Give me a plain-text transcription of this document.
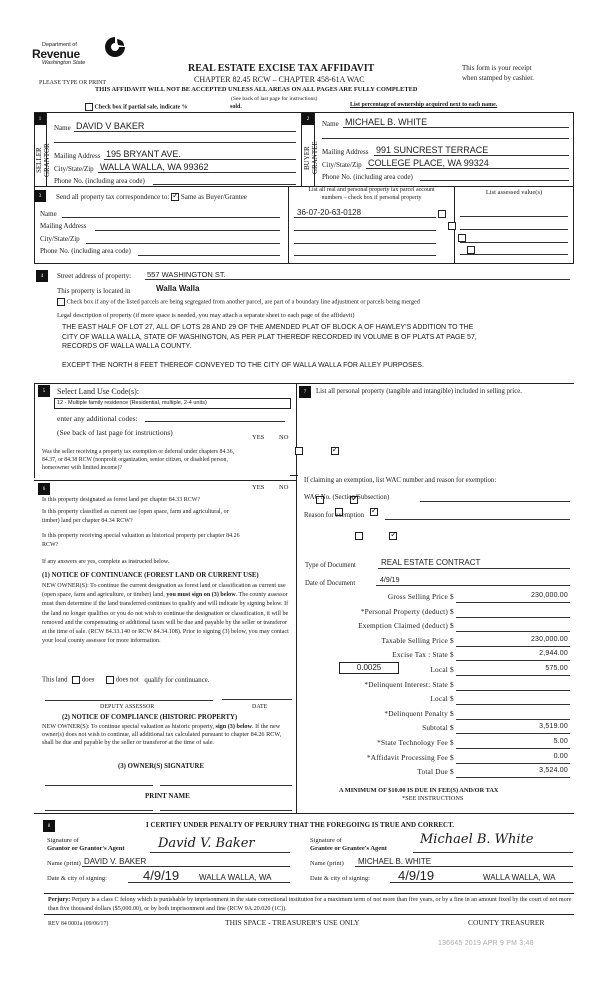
Department of
Revenue
Washington State	REAL ESTATE EXCISE TAX AFFIDAVIT
CHAPTER 82.45 RCW – CHAPTER 458-61A WAC
PLEASE TYPE OR PRINT
This form is your receipt
when stamped by cashier.
THIS AFFIDAVIT WILL NOT BE ACCEPTED UNLESS ALL AREAS ON ALL PAGES ARE FULLY COMPLETED
(See back of last page for instructions)
Check box if partial sale, indicate %	sold.	List percentage of ownership acquired next to each name.
1
SELLER GRANTOR
Name DAVID V BAKER
Mailing Address 195 BRYANT AVE.
City/State/Zip WALLA WALLA, WA 99362
Phone No. (including area code)
2
BUYER GRANTEE
Name MICHAEL B. WHITE
Mailing Address 991 SUNCREST TERRACE
City/State/Zip COLLEGE PLACE, WA 99324
Phone No. (including area code)
3	Send all property tax correspondence to: ✓ Same as Buyer/Grantee
Name
Mailing Address
City/State/Zip
Phone No. (including area code)
List all real and personal property tax parcel account
numbers – check box if personal property
List assessed value(s)
36-07-20-63-0128

4	Street address of property: 557 WASHINGTON ST.
This property is located in	Walla Walla
Check box if any of the listed parcels are being segregated from another parcel, are part of a boundary line adjustment or parcels being merged
Legal description of property (if more space is needed, you may attach a separate sheet to each page of the affidavit)
THE EAST HALF OF LOT 27, ALL OF LOTS 28 AND 29 OF THE AMENDED PLAT OF BLOCK A OF HAWLEY'S ADDITION TO THE
CITY OF WALLA WALLA, STATE OF WASHINGTON, AS PER PLAT THEREOF RECORDED IN VOLUME B OF PLATS AT PAGE 57,
RECORDS OF WALLA WALLA COUNTY.
EXCEPT THE NORTH 8 FEET THEREOF CONVEYED TO THE CITY OF WALLA WALLA FOR ALLEY PURPOSES.
5	Select Land Use Code(s):
12 - Multiple family residence (Residential, multiple, 2-4 units)
enter any additional codes:
(See back of last page for instructions)
YES NO
Was the seller receiving a property tax exemption or deferral under chapters 84.36, 84.37, or 84.38 RCW (nonprofit organization, senior citizen, or disabled person, homeowner with limited income)?
✓
6	YES NO
Is this property designated as forest land per chapter 84.33 RCW?
✓
Is this property classified as current use (open space, farm and agricultural, or timber) land per chapter 84.34 RCW?
✓
Is this property receiving special valuation as historical property per chapter 84.26 RCW?
✓
If any answers are yes, complete as instructed below.
(1) NOTICE OF CONTINUANCE (FOREST LAND OR CURRENT USE)
NEW OWNER(S): To continue the current designation as forest land or classification as current use (open space, farm and agriculture, or timber) land, you must sign on (3) below. The county assessor must then determine if the land transferred continues to qualify and will indicate by signing below. If the land no longer qualifies or you do not wish to continue the designation or classification, it will be removed and the compensating or additional taxes will be due and payable by the seller or transferor at the time of sale. (RCW 84.33.140 or RCW 84.34.108). Prior to signing (3) below, you may contact your local county assessor for more information.
This land does	does not qualify for continuance.
DEPUTY ASSESSOR	DATE
(2) NOTICE OF COMPLIANCE (HISTORIC PROPERTY)
NEW OWNER(S): To continue special valuation as historic property, sign (3) below. If the new owner(s) does not wish to continue, all additional tax calculated pursuant to chapter 84.26 RCW, shall be due and payable by the seller or transferor at the time of sale.
(3) OWNER(S) SIGNATURE
PRINT NAME
7	List all personal property (tangible and intangible) included in selling price.
If claiming an exemption, list WAC number and reason for exemption:
WAC No. (Section/Subsection)
Reason for exemption
Type of Document	REAL ESTATE CONTRACT
Date of Document	4/9/19
Gross Selling Price $	230,000.00
*Personal Property (deduct) $
Exemption Claimed (deduct) $
Taxable Selling Price $	230,000.00
Excise Tax : State $	2,944.00
Local $	575.00
*Delinquent Interest: State $
Local $
*Delinquent Penalty $
Subtotal $	3,519.00
*State Technology Fee $	5.00
*Affidavit Processing Fee $	0.00
Total Due $	3,524.00
0.0025
A MINIMUM OF $10.00 IS DUE IN FEE(S) AND/OR TAX
*SEE INSTRUCTIONS
8	I CERTIFY UNDER PENALTY OF PERJURY THAT THE FOREGOING IS TRUE AND CORRECT.
Signature of
Grantor or Grantor's Agent	David V. Baker
Name (print) DAVID V. BAKER
Date & city of signing:	4/9/19 WALLA WALLA, WA
Signature of
Grantee or Grantee's Agent
Michael B. White
Name (print) MICHAEL B. WHITE
Date & city of signing: 4/9/19	WALLA WALLA, WA
Perjury: Perjury is a class C felony which is punishable by imprisonment in the state correctional institution for a maximum term of not more than five years, or by a fine in an amount fixed by the court of not more than five thousand dollars ($5,000.00), or by both imprisonment and fine (RCW 9A.20.020 (1C)).
REV 84 0001a (09/06/17)	THIS SPACE - TREASURER'S USE ONLY	COUNTY TREASURER
136645 2019 APR 9 PM 3:48
